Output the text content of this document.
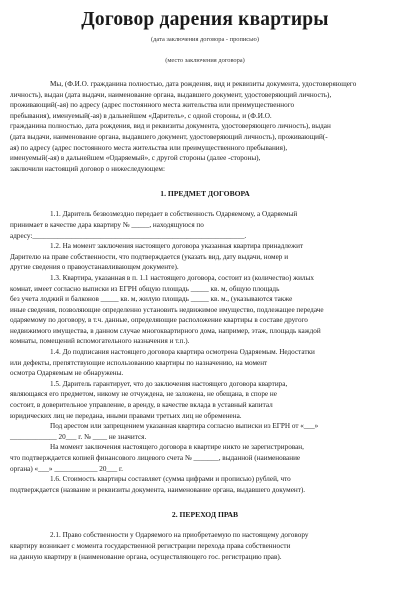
Договор дарения квартиры

(дата заключения договора - прописью)

(место заключения договора)

Мы, (Ф.И.О. гражданина полностью, дата рождения, вид и реквизиты документа, удостоверяющего

личность), выдан (дата выдачи, наименование органа, выдавшего документ, удостоверяющий личность),

проживающий(-ая) по адресу (адрес постоянного места жительства или преимущественного

пребывания), именуемый(-ая) в дальнейшем «Даритель», с одной стороны, и (Ф.И.О.

гражданина полностью, дата рождения, вид и реквизиты документа, удостоверяющего личность), выдан

(дата выдачи, наименование органа, выдавшего документ, удостоверяющий личность), проживающий(-

ая) по адресу (адрес постоянного места жительства или преимущественного пребывания),

именуемый(-ая) в дальнейшем «Одаряемый», с другой стороны (далее -стороны),

заключили настоящий договор о нижеследующем:

1. ПРЕДМЕТ ДОГОВОРА

1.1. Даритель безвозмездно передает в собственность Одаряемому, а Одаряемый

принимает в качестве дара квартиру № _____, находящуюся по

адресу:___________________________________________________________.

1.2. На момент заключения настоящего договора указанная квартира принадлежит

Дарителю на праве собственности, что подтверждается (указать вид, дату выдачи, номер и

другие сведения о правоустанавливающем документе).

1.3. Квартира, указанная в п. 1.1 настоящего договора, состоит из (количество) жилых

комнат, имеет согласно выписки из ЕГРН общую площадь _____ кв. м, общую площадь

без учета лоджий и балконов _____ кв. м, жилую площадь _____ кв. м., (указываются также

иные сведения, позволяющие определенно установить недвижимое имущество, подлежащее передаче

одаряемому по договору, в т.ч. данные, определяющие расположение квартиры в составе другого

недвижимого имущества, в данном случае многоквартирного дома, например, этаж, площадь каждой

комнаты, помещений вспомогательного назначения и т.п.).

1.4. До подписания настоящего договора квартира осмотрена Одаряемым. Недостатки

или дефекты, препятствующие использованию квартиры по назначению, на момент

осмотра Одаряемым не обнаружены.

1.5. Даритель гарантирует, что до заключения настоящего договора квартира,

являющаяся его предметом, никому не отчуждена, не заложена, не обещана, в споре не

состоит, в доверительное управление, в аренду, в качестве вклада в уставный капитал

юридических лиц не передана, иными правами третьих лиц не обременена.

Под арестом или запрещением указанная квартира согласно выписки из ЕГРН от «___»

_____________ 20___ г. № ____ не значится.

На момент заключения настоящего договора в квартире никто не зарегистрирован,

что подтверждается копией финансового лицевого счета № _______, выданной (наименование

органа) «___» ____________ 20___ г.

1.6. Стоимость квартиры составляет (сумма цифрами и прописью) рублей, что

подтверждается (название и реквизиты документа, наименование органа, выдавшего документ).

2. ПЕРЕХОД ПРАВ

2.1. Право собственности у Одаряемого на приобретаемую по настоящему договору

квартиру возникает с момента государственной регистрации перехода права собственности

на данную квартиру в (наименование органа, осуществляющего гос. регистрацию прав).
